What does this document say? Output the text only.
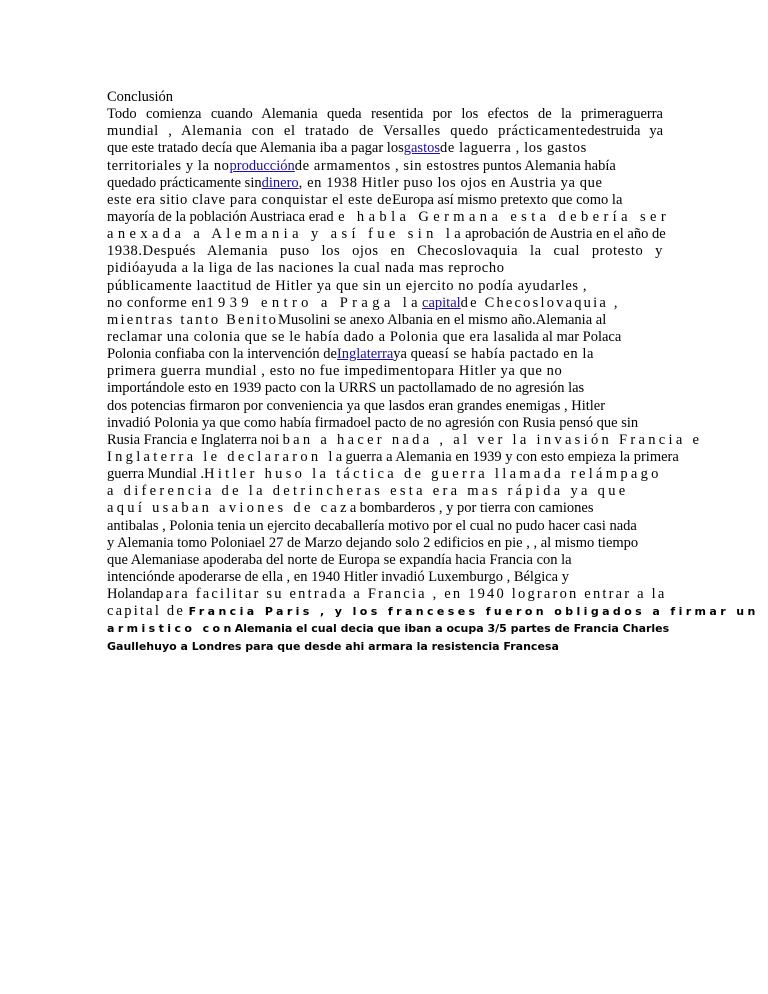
Conclusión
Todo comienza cuando Alemania queda resentida por los efectos de la primeraguerra
mundial , Alemania con el tratado de Versalles quedo prácticamentedestruida ya
que este tratado decía que Alemania iba a pagar losgastosde laguerra , los gastos
territoriales y la noproducciónde armamentos , sin estostres puntos Alemania había
quedado prácticamente sindinero, en 1938 Hitler puso los ojos en Austria ya que
este era sitio clave para conquistar el este deEuropa así mismo pretexto que como la
mayoría de la población Austriaca erade habla Germana esta debería ser
anexada a Alemania y así fue sin laaprobación de Austria en el año de
1938.Después Alemania puso los ojos en Checoslovaquia la cual protesto y
pidióayuda a la liga de las naciones la cual nada mas reprocho
públicamente laactitud de Hitler ya que sin un ejercito no podía ayudarles ,
no conforme en1939 entro a Praga lacapitalde Checoslovaquia ,
mientras tanto BenitoMusolini se anexo Albania en el mismo año.Alemania al
reclamar una colonia que se le había dado a Polonia que era lasalida al mar Polaca
Polonia confiaba con la intervención deInglaterraya queasí se había pactado en la
primera guerra mundial , esto no fue impedimentopara Hitler ya que no
importándole esto en 1939 pacto con la URRS un pactollamado de no agresión las
dos potencias firmaron por conveniencia ya que lasdos eran grandes enemigas , Hitler
invadió Polonia ya que como había firmadoel pacto de no agresión con Rusia pensó que sin
Rusia Francia e Inglaterra noiban a hacer nada , al ver la invasión Francia e
Inglaterra le declararon laguerra a Alemania en 1939 y con esto empieza la primera
guerra Mundial .Hitler huso la táctica de guerra llamada relámpago
a diferencia de la detrincheras esta era mas rápida ya que
aquí usaban aviones de cazabombarderos , y por tierra con camiones
antibalas , Polonia tenia un ejercito decaballería motivo por el cual no pudo hacer casi nada
y Alemania tomo Poloniael 27 de Marzo dejando solo 2 edificios en pie , , al mismo tiempo
que Alemaniase apoderaba del norte de Europa se expandía hacia Francia con la
intenciónde apoderarse de ella , en 1940 Hitler invadió Luxemburgo , Bélgica y
Holandapara facilitar su entrada a Francia , en 1940 lograron entrar a la
capital de Francia Paris , y los franceses fueron obligados a firmar un
armistico conAlemania el cual decia que iban a ocupa 3/5 partes de Francia Charles
Gaullehuyo a Londres para que desde ahi armara la resistencia Francesa
